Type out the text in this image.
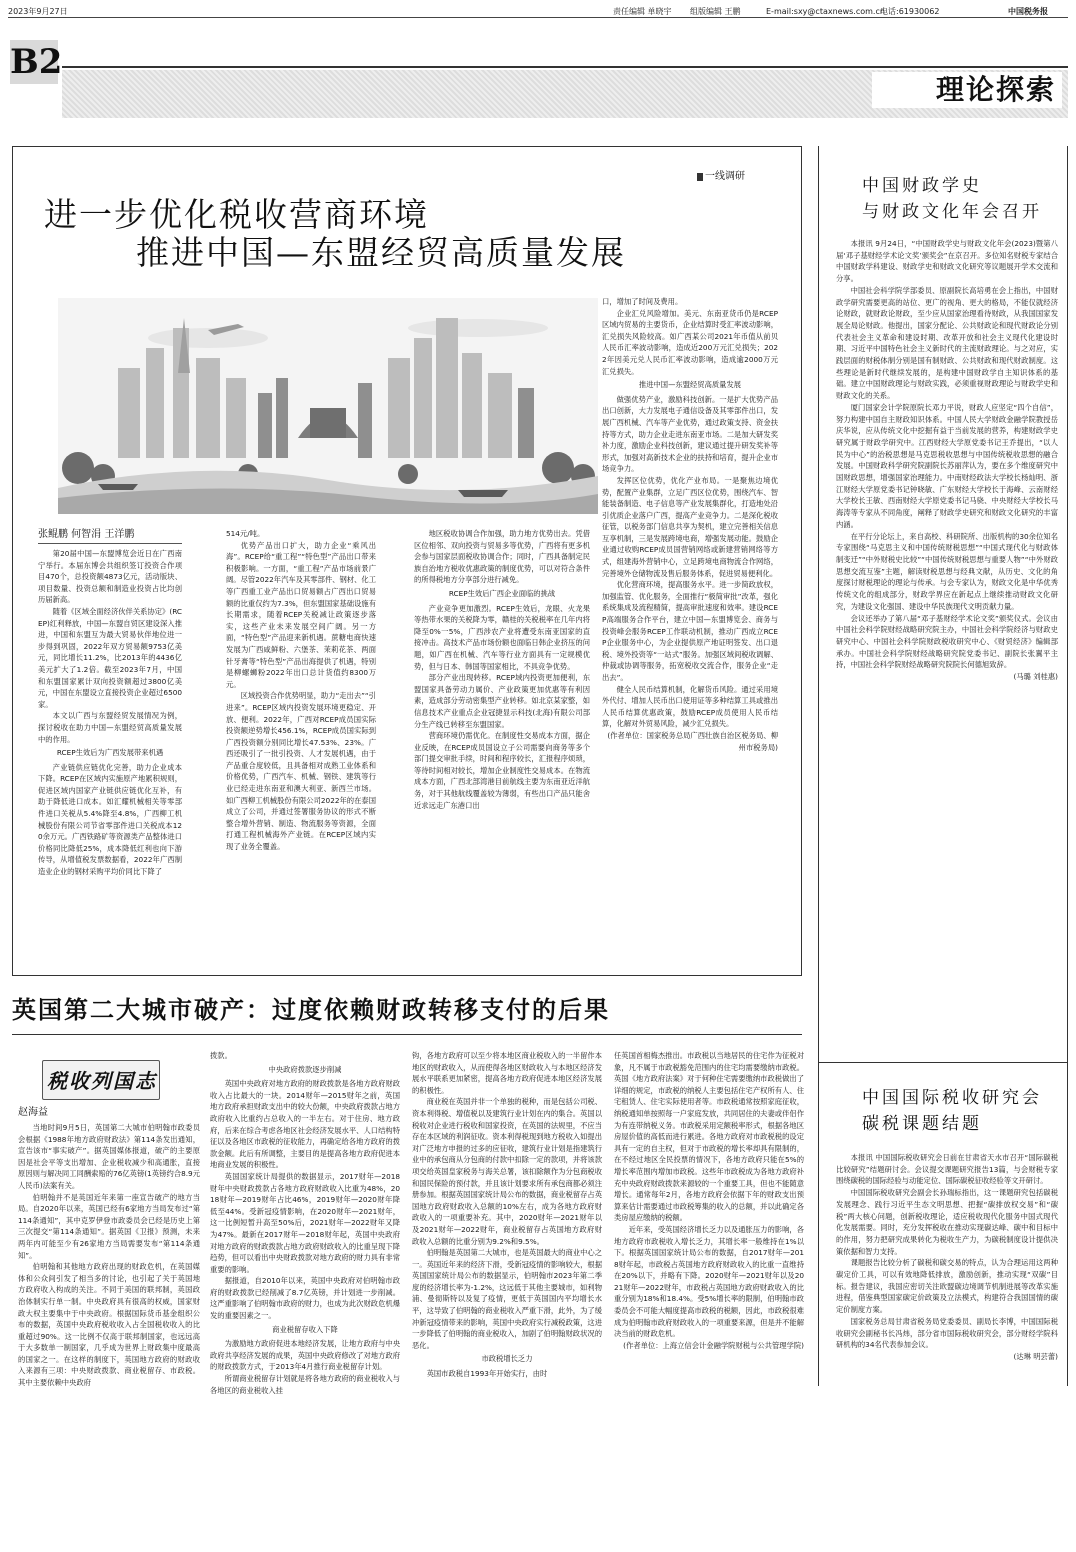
2023年9月27日	责任编辑 单晓宇 组版编辑 王鹏	E-mail:sxy@ctaxnews.com.cn
电话:61930062	中国税务报
B2
理论探索
一线调研
进一步优化税收营商环境
推进中国—东盟经贸高质量发展
张鲲鹏 何智涓 王洋鹏

第20届中国—东盟博览会近日在广西南宁举行。本届东博会共组织签订投资合作项目470个，总投资额4873亿元，活动版块、项目数量、投资总额和制造业投资占比均创历届新高。

随着《区域全面经济伙伴关系协定》(RCEP)红利释放，中国—东盟自贸区建设深入推进，中国和东盟互为最大贸易伙伴地位进一步得到巩固，2022年双方贸易额9753亿美元，同比增长11.2%，比2013年的4436亿美元扩大了1.2倍。截至2023年7月，中国和东盟国家累计双向投资额超过3800亿美元，中国在东盟设立直接投资企业超过6500家。

本文以广西与东盟经贸发展情况为例，探讨税收在助力中国—东盟经贸高质量发展中的作用。

RCEP生效后为广西发展带来机遇

产业链供应链优化完善，助力企业成本下降。RCEP在区域内实施原产地累积规则，促进区域内国家产业链供应链优化互补，有助于降低进口成本。如汇耀机械相关等零部件进口关税从5.4%降至4.8%，广西柳工机械股份有限公司节省零部件进口关税成本120余万元。广西铁路矿等资源类产品整体进口价格同比降低25%，成本降低红利也向下游传导，从增值税发票数据看，2022年广西制造业企业的钢材采购平均价同比下降了

514元/吨。

优势产品出口扩大，助力企业“乘风出海”。RCEP给“重工程”“特色型”产品出口带来积极影响。一方面，“重工程”产品市场前景广阔。尽管2022年汽车及其零部件、钢材、化工等广西重工业产品出口贸易额占广西出口贸易额的比重仅约为7.3%，但东盟国家基础设施有长期需求，随着RCEP关税减让政策逐步落实，这些产业未来发展空间广阔。另一方面，“特色型”产品迎来新机遇。蔗糖电商快速发展为广西咸鲜粉、六堡茶、茉莉花茶、两面针牙膏等“特色型”产品出海提供了机遇，特别是柳螺蛳粉2022年出口总计货值约8300万元。

区域投资合作优势明显，助力“走出去”“引进来”。RCEP区域内投资发展环境更稳定、开放、便利。2022年，广西对RCEP成员国实际投资额逆势增长456.1%，RCEP成员国实际到广西投资额分别同比增长47.53%、23%。广西还吸引了一批引投资、人才发展机遇，由于产品重合度较低，且具备相对成熟工业体系和价格优势，广西汽车、机械、钢铁、建筑等行业已经走进东南亚和澳大利亚、新西兰市场。如广西柳工机械股份有限公司2022年的在泰国成立了公司，并通过签署服务协议的形式不断整合增外营销、制造、物流服务等资源，全面打通工程机械海外产业链。在RCEP区域内实现了业务全覆盖。

地区税收协调合作加强，助力地方优势出去。凭借区位相邻、双向投资与贸易多等优势，广西将有更多机会参与国家层面税收协调合作；同时，广西具备制定民族自治地方税收优惠政策的制度优势，可以对符合条件的所得税地方分享部分进行减免。

RCEP生效后广西企业面临的挑战

产业竞争更加激烈。RCEP生效后，龙眼、火龙果等热带水果的关税降为零，赣桂的关税税率在几年内将降至0%一5%，广西涉农产业将遭受东南亚国家的直接冲击。高技术产品市场份额也面临日韩企业挤压的问题，如广西在机械、汽车等行业方面具有一定规模优势，但与日本、韩国等国家相比，不具竞争优势。

部分产业出现转移。RCEP域内投资更加便利，东盟国家具备劳动力属价、产业政策更加优惠等有利因素，造成部分劳动密集型产业转移。如北京某家整，如信息技术产业重点企业冠捷显示科技(北海)有限公司部分生产线已转移至东盟国家。

营商环境仍需优化。在制度性交易成本方面，据企业反映，在RCEP成员国设立子公司需要向商务等多个部门提交审批手续，时间和程序较长，汇报程序烦琐，等待时间相对较长，增加企业制度性交易成本。在物流成本方面，广西北部湾港目前航线主要为东南亚近洋航务，对于其他航线覆盖较为薄弱，有些出口产品只能舍近求远走广东港口出

口，增加了时间及费用。

企业汇兑风险增加。美元、东南亚货币仍是RCEP区域内贸易的主要货币，企业结算时受汇率波动影响，汇兑损失风险较高。如广西某公司2021年币值从前贝人民币汇率波动影响，造成近200万元汇兑损失；2022年因美元兑人民币汇率波动影响，造成逾2000万元汇兑损失。

推进中国—东盟经贸高质量发展

做强优势产业，激励科技创新。一是扩大优势产品出口创新，大力发展电子通信设备及其零部件出口，发展广西机械、汽车等产业优势，通过政策支持、资金扶持等方式，助力企业走进东南亚市场。二是加大研发奖补力度，激励企业科技创新，建议通过提升研发奖补等形式，加强对高新技术企业的扶持和培育，提升企业市场竞争力。

发挥区位优势，优化产业布局。一是聚焦边境优势，配置产业集群，立足广西区位优势，围绕汽车、智能装备制造、电子信息等产业发展集群化，打造地处沿引优质企业落户广西，提高产业竞争力。二是深化税收征管，以税务部门信息共享为契机，建立完善相关信息互享机制，三是发展跨境电商，增强发展动能。鼓励企业通过收购RCEP成员国营销网络或新建营销网络等方式，组建海外营销中心，立足跨境电商物流合作网络，完善境外仓储物流及售后服务体系，促进贸易便利化。

优化营商环境，提高服务水平。进一步简政放权，加强监管、优化服务，全面推行“极简审批”改革，强化系统集成及流程精简，提高审批速度和效率。建设RCEP高端服务合作平台，建立中国—东盟博览会、商务与投资峰会服务RCEP工作联动机制，推动广西成立RCEP企业服务中心，为企业提供原产地证明签发、出口退税、境外投资等“一站式”服务。加强区域间税收调解、仲裁或协调等服务，拓宽税收交流合作，服务企业“走出去”。

健全人民币结算机制，化解货币风险。通过采用境外代付、增加人民币出口使用证等多种结算工具或推出人民币结算优惠政策，鼓励RCEP成员使用人民币结算，化解对外贸易风险，减少汇兑损失。

(作者单位：国家税务总局广西壮族自治区税务局、柳州市税务局)

英国第二大城市破产：过度依赖财政转移支付的后果
税收列国志
赵海益

当地时间9月5日，英国第二大城市伯明翰市政委员会根据《1988年地方政府财政法》第114条发出通知，宣告该市“事实破产”。据英国媒体报道，破产的主要原因是社会平等支出增加、企业税收减少和高通胀，直接原因则与解决同工同酬索赔的76亿英镑(1英镑约合8.9元人民币)法案有关。

伯明翰并不是英国近年来第一座宣告破产的地方当局。自2020年以来，英国已经有6家地方当局发布过“第114条通知”，其中克罗伊登市政委员会已经是历史上第三次提交“第114条通知”。据英国《卫报》预测，未来两年内可能至少有26家地方当局需要发布“第114条通知”。

伯明翰和其他地方政府出现的财政危机，在英国媒体和公众间引发了相当多的讨论，也引起了关于英国地方政府收入构成的关注。不同于美国的联邦制，英国政治体制实行单一制。中央政府具有很高的权威，国家财政大权主要集中于中央政府。根据国际货币基金组织公布的数据，英国中央政府税收收入占全国税收收入的比重超过90%。这一比例不仅高于联邦制国家，也远远高于大多数单一制国家，几乎成为世界上财政集中度最高的国家之一。在这样的制度下，英国地方政府的财政收入来源有三项：中央财政拨款、商业税留存、市政税。其中主要依赖中央政府

拨款。

中央政府拨款逐步削减

英国中央政府对地方政府的财政拨款是各地方政府财政收入占比最大的一块。2014财年—2015财年之前，英国地方政府承担财政支出中的较大份额，中央政府拨款占地方政府收入比重约占总收入的一半左右。对于住房、地方政府，后来在综合考虑各地区社会经济发展水平、人口结构特征以及各地区市政税的征收能力，再确定给各地方政府的拨款金额。此后有所调整，主要目的是提高各地方政府促进本地商业发展的积极性。

英国国家统计局提供的数据显示，2017财年—2018财年中央财政拨款占各地方政府财政收入比重为48%，2018财年—2019财年占比46%，2019财年—2020财年降低至44%。受新冠疫情影响，在2020财年—2021财年，这一比例短暂升高至50%后，2021财年—2022财年又降为47%。最新在2017财年—2018财年起，英国中央政府对地方政府的财政拨款占地方政府财政收入的比重呈现下降趋势，但可以看出中央财政拨款对地方政府的财力具有非常重要的影响。

据报道，自2010年以来，英国中央政府对伯明翰市政府的财政拨款已经削减了8.7亿英镑，并计划进一步削减。这严重影响了伯明翰市政府的财力，也成为此次财政危机爆发的重要因素之一。

商业税留存收入下降

为激励地方政府促进本地经济发展，让地方政府与中央政府共享经济发展的成果，英国中央政府修改了对地方政府的财政拨款方式，于2013年4月推行商业税留存计划。

所谓商业税留存计划就是将各地方政府的商业税收入与各地区的商业税收入挂

钩，各地方政府可以至少将本地区商业税收入的一半留作本地区的财政收入，从而使得各地区财政收入与本地区经济发展水平联系更加紧密，提高各地方政府促进本地区经济发展的积极性。

商业税在英国并非一个单独的税种，而是包括公司税、资本利得税、增值税以及建筑行业计划在内的集合。英国以税收对企业进行税收和国家投资，在英国的法规里，不应当存在本区域的利润征收。资本利得税现到地方税收入如提出对广泛地方申报的过多的应征收，建筑行业计划是指建筑行业中的承包商从分包商的付款中扣除一定的款项，并将该款项交给英国皇家税务与海关总署，该扣除额作为分包商税收和国民保险的预付款，并且该计划要求所有承包商都必须注册参加。根据英国国家统计局公布的数据，商业税留存占英国地方政府财政收入总额的10%左右，成为各地方政府财政收入的一项重要补充。其中，2020财年—2021财年以及2021财年—2022财年，商业税留存占英国地方政府财政收入总额的比重分别为9.2%和9.5%。

伯明翰是英国第二大城市，也是英国最大的商业中心之一。英国近年来的经济下滑，受新冠疫情的影响较大，根据英国国家统计局公布的数据显示，伯明翰市2023年第二季度的经济增长率为-1.2%，这远低于其他主要城市，如利物浦、曼彻斯特以及复了疫情，更低于英国国内平均增长水平，这导致了伯明翰的商业税收入严重下滑，此外，为了缓冲新冠疫情带来的影响，英国中央政府实行减税政策，这进一步降低了伯明翰的商业税收入，加剧了伯明翰财政状况的恶化。

市政税增长乏力

英国市政税自1993年开始实行，由时

任英国首相梅杰推出。市政税以当地居民的住宅作为征税对象，凡不属于市政税豁免范围内的住宅均需要缴纳市政税。英国《地方政府法案》对于何种住宅需要缴纳市政税做出了详细的规定，市政税的纳税人主要包括住宅产权所有人、住宅租赁人、住宅实际使用者等。市政税通常按照家庭征收，纳税通知单按照每一户家庭发放，共同居住的夫妻或伴侣作为有连带纳税义务。市政税采用定额税率形式，根据各地区房屋价值的高低而进行累进。各地方政府对市政税税的设定具有一定的自主权，但对于市政税的增长率却具有限制的，在不经过地区全民投票的情况下，各地方政府只能在5%的增长率范围内增加市政税。这些年市政税成为各地方政府补充中央政府财政拨款来源较的一个重要工具，但也不能随意增长。通常每年2月，各地方政府会依据下年的财政支出预算来估计需要通过市政税筹集的收入的总额，并以此确定各类房屋应缴纳的税额。

近年来，受英国经济增长乏力以及通胀压力的影响，各地方政府市政税收入增长乏力，其增长率一般维持在1%以下。根据英国国家统计局公布的数据，自2017财年—2018财年起，市政税占英国地方政府财政收入的比重一直维持在20%以下，并略有下降。2020财年—2021财年以及2021财年—2022财年，市政税占英国地方政府财政收入的比重分别为18%和18.4%。受5%增长率的限制，伯明翰市政委员会不可能大幅度提高市政税的税额，因此，市政税很难成为伯明翰市政府财政收入的一项重要来源，但是并不能解决当前的财政危机。

(作者单位：上海立信会计金融学院财税与公共管理学院)

中国财政学史
与财政文化年会召开

本报讯 9月24日，“中国财政学史与财政文化年会(2023)暨第八届‘邓子基财经学术论文奖’颁奖会”在京召开。多位知名财税专家结合中国财政学科建设、财政学史和财政文化研究等议题展开学术交流和分享。

中国社会科学院学部委员、原副院长高培勇在会上指出，中国财政学研究需要更高的站位、更广的视角、更大的格局，不能仅就经济论财政，就财政论财政，至少应从国家治理看待财政，从我国国家发展全局论财政。他提出，国家分配论、公共财政论和现代财政论分别代表社会主义革命和建设时期、改革开放和社会主义现代化建设时期、习近平中国特色社会主义新时代的主流财政理论。与之对应，实践层面的财税体制分别是国有制财政、公共财政和现代财政制度。这些理论是新时代继续发展的，是构建中国财政学自主知识体系的基础。建立中国财政理论与财政实践，必须重视财政理论与财政学史和财政文化的关系。

厦门国家会计学院原院长邓力平说，财政人应坚定“四个自信”，努力构建中国自主财政知识体系。中国人民大学财政金融学院教授岳庆华说，应从传统文化中挖掘有益于当前发展的营养，构建财政学史研究属于财政学研究中。江西财经大学原党委书记王乔提出，“以人民为中心”的治税思想是马克思税收思想与中国传统税收思想的融合发展。中国财政科学研究院副院长苏丽萍认为，要在多个维度研究中国财政思想，增强国家治理能力。中南财经政法大学校长杨灿明、浙江财经大学原党委书记钟晓敏、广东财经大学校长于海峰、云南财经大学校长王敏、西南财经大学原党委书记马骁、中央财经大学校长马海涛等专家从不同角度，阐释了财政学史研究和财政文化研究的丰富内涵。

在平行分论坛上，来自高校、科研院所、出版机构的30余位知名专家围绕“马克思主义和中国传统财税思想”“中国式现代化与财政体制变迁”“中外财税史比较”“中国传统财税思想与重要人物”“中外财政思想交流互鉴”主题，解读财税思想与经典文献，从历史、文化的角度探讨财税理论的理论与传承。与会专家认为，财政文化是中华优秀传统文化的组成部分，财政学界应在新起点上继续推动财政文化研究，为建设文化强国、建设中华民族现代文明贡献力量。

会议还举办了第八届“邓子基财经学术论文奖”颁奖仪式。会议由中国社会科学院财经战略研究院主办，中国社会科学院经济与财政史研究中心、中国社会科学院财政税收研究中心、《财贸经济》编辑部承办。中国社会科学院财经战略研究院党委书记、副院长张翼平主持，中国社会科学院财经战略研究院院长何德旭致辞。

(马璐 刘桂惠)

中国国际税收研究会
碳税课题结题

本报讯 中国国际税收研究会日前在甘肃省天水市召开“国际碳税比较研究”结题研讨会。会议提交课题研究报告13篇，与会财税专家围绕碳税的国际经验与动能定位、国际碳税征收经验等文开研讨。

中国国际税收研究会副会长孙瑞标指出，这一课题研究包括碳税发展理念、践行习近平生态文明思想、把握“碳排放权交易”和“碳税”两大核心问题，创新税收理论，适应税收现代化服务中国式现代化发展需要。同时，充分发挥税收在推动实现碳达峰、碳中和目标中的作用，努力把研究成果转化为税收生产力，为碳税制度设计提供决策依据和智力支持。

课题报告比较分析了碳税和碳交易的特点，认为合理运用这两种碳定价工具，可以有效地降低排放，激励创新，推动实现“双碳”目标。报告建议，我国应密切关注欧盟碳边境调节机制进展等改革实施进程，借鉴典型国家碳定价政策及立法模式，构建符合我国国情的碳定价制度方案。

国家税务总局甘肃省税务局党委委员、副局长李博，中国国际税收研究会副秘书长冯炜，部分省市国际税收研究会，部分财经学院科研机构的34名代表参加会议。

(达琳 明芸蕾)
